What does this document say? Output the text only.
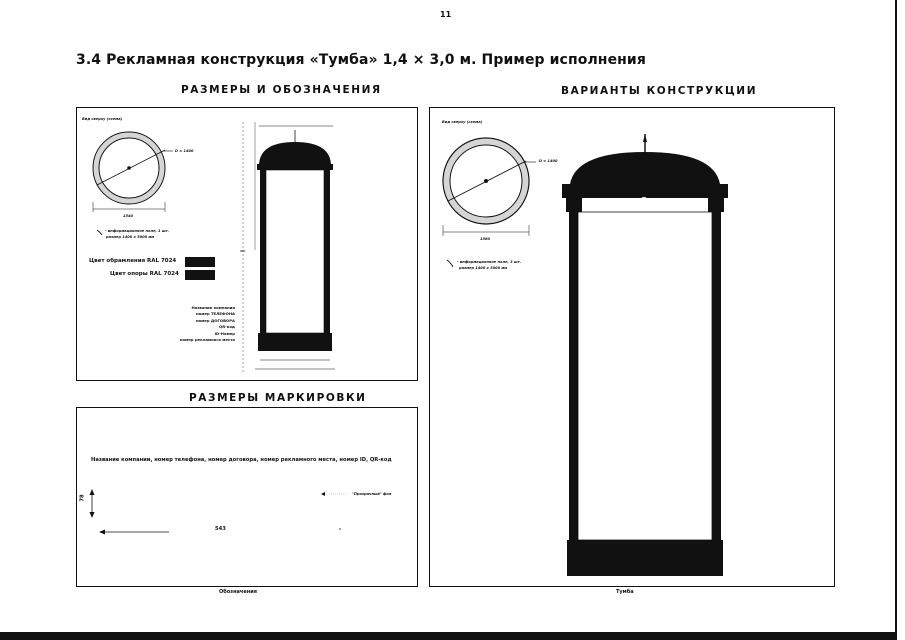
11
3.4 Рекламная конструкция «Тумба» 1,4 × 3,0 м. Пример исполнения
РАЗМЕРЫ И ОБОЗНАЧЕНИЯ	ВАРИАНТЫ КОНСТРУКЦИИ
РАЗМЕРЫ МАРКИРОВКИ
Вид сверху (схема)
D = 1400
1540
- информационное поле, 1 шт.
размер 1400 х 3000 мм
Цвет обрамления RAL 7024
Цвет опоры RAL 7024
Название компании
номер ТЕЛЕФОНА
номер ДОГОВОРА
QR-код
ID-Номер
номер рекламного места
Вид сверху (схема)
D = 1400
1580
- информационное поле, 3 шт.
размер 1400 х 3000 мм
Тумба
Название компании, номер телефона, номер договора, номер рекламного места, номер ID, QR-код
78
543
"Прозрачный" фон
Обозначения
